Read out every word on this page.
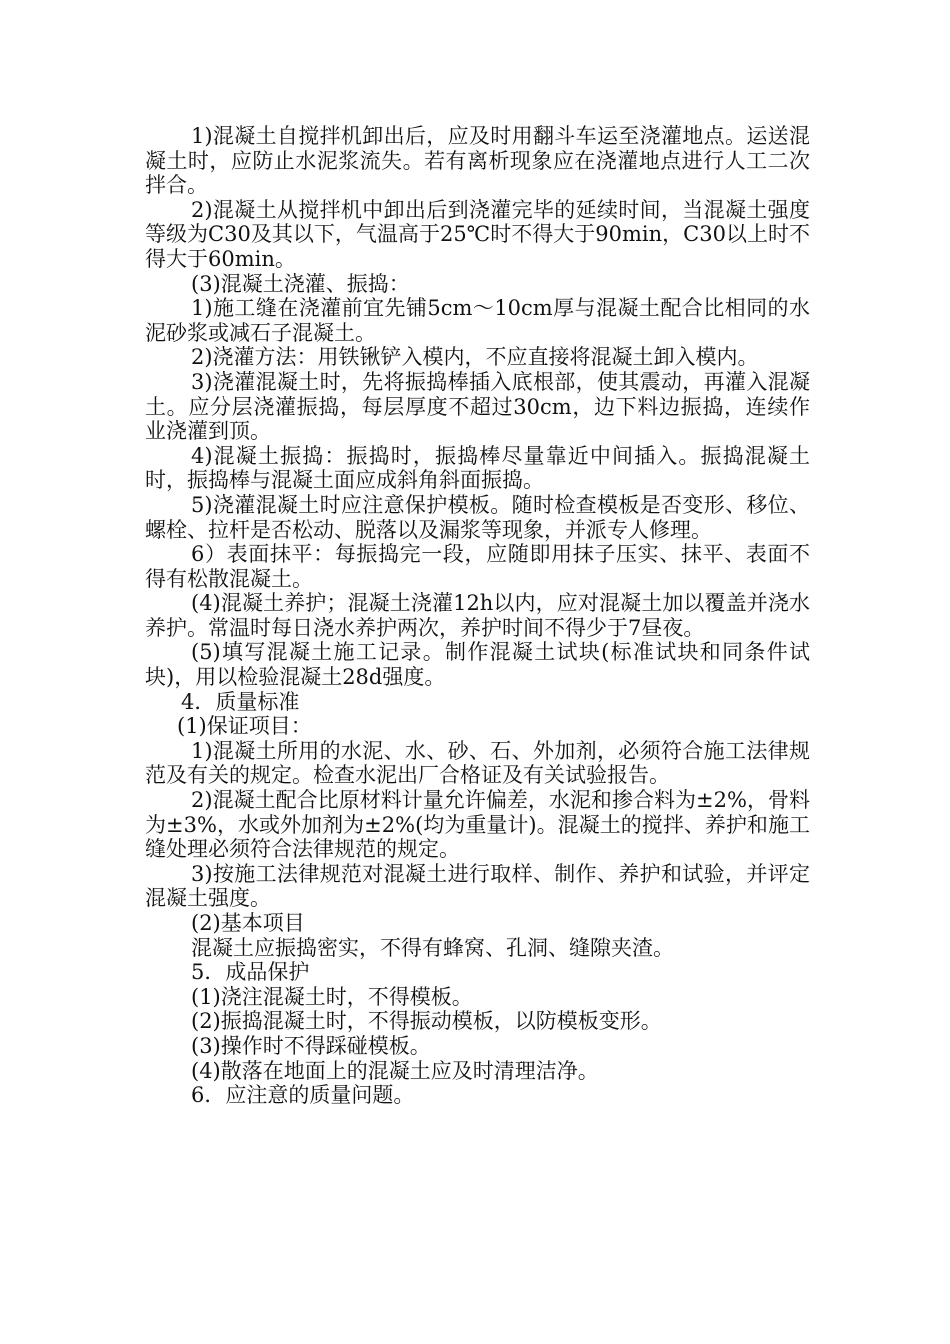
1)混凝土自搅拌机卸出后，应及时用翻斗车运至浇灌地点。运送混凝土时，应防止水泥浆流失。若有离析现象应在浇灌地点进行人工二次拌合。

2)混凝土从搅拌机中卸出后到浇灌完毕的延续时间，当混凝土强度等级为C30及其以下，气温高于25℃时不得大于90min，C30以上时不得大于60min。

(3)混凝土浇灌、振捣：

1)施工缝在浇灌前宜先铺5cm～10cm厚与混凝土配合比相同的水泥砂浆或减石子混凝土。

2)浇灌方法：用铁锹铲入模内，不应直接将混凝土卸入模内。

3)浇灌混凝土时，先将振捣棒插入底根部，使其震动，再灌入混凝土。应分层浇灌振捣，每层厚度不超过30cm，边下料边振捣，连续作业浇灌到顶。

4)混凝土振捣：振捣时，振捣棒尽量靠近中间插入。振捣混凝土时，振捣棒与混凝土面应成斜角斜面振捣。

5)浇灌混凝土时应注意保护模板。随时检查模板是否变形、移位、螺栓、拉杆是否松动、脱落以及漏浆等现象，并派专人修理。

6）表面抹平：每振捣完一段，应随即用抹子压实、抹平、表面不得有松散混凝土。

(4)混凝土养护；混凝土浇灌12h以内，应对混凝土加以覆盖并浇水养护。常温时每日浇水养护两次，养护时间不得少于7昼夜。

(5)填写混凝土施工记录。制作混凝土试块(标准试块和同条件试块)，用以检验混凝土28d强度。

4．质量标准

(1)保证项目：

1)混凝土所用的水泥、水、砂、石、外加剂，必须符合施工法律规范及有关的规定。检查水泥出厂合格证及有关试验报告。

2)混凝土配合比原材料计量允许偏差，水泥和掺合料为±2%，骨料为±3%，水或外加剂为±2%(均为重量计)。混凝土的搅拌、养护和施工缝处理必须符合法律规范的规定。

3)按施工法律规范对混凝土进行取样、制作、养护和试验，并评定混凝土强度。

(2)基本项目

混凝土应振捣密实，不得有蜂窝、孔洞、缝隙夹渣。

5．成品保护

(1)浇注混凝土时，不得模板。

(2)振捣混凝土时，不得振动模板，以防模板变形。

(3)操作时不得踩碰模板。

(4)散落在地面上的混凝土应及时清理洁净。

6．应注意的质量问题。
